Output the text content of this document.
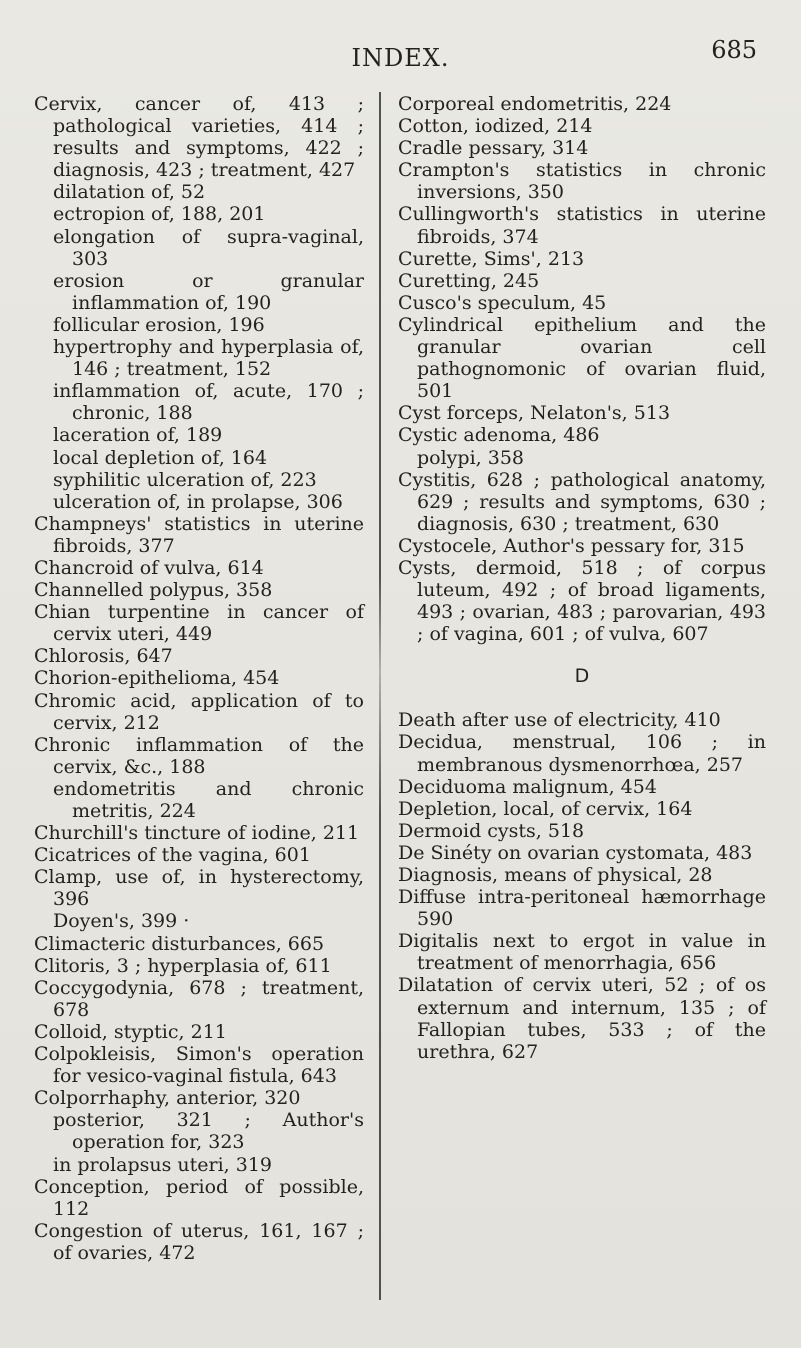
INDEX.	685
Cervix, cancer of, 413 ; pathological varieties, 414 ; results and symptoms, 422 ; diagnosis, 423 ; treatment, 427
dilatation of, 52
ectropion of, 188, 201
elongation of supra-vaginal, 303
erosion or granular inflammation of, 190
follicular erosion, 196
hypertrophy and hyperplasia of, 146 ; treatment, 152
inflammation of, acute, 170 ; chronic, 188
laceration of, 189
local depletion of, 164
syphilitic ulceration of, 223
ulceration of, in prolapse, 306
Champneys' statistics in uterine fibroids, 377
Chancroid of vulva, 614
Channelled polypus, 358
Chian turpentine in cancer of cervix uteri, 449
Chlorosis, 647
Chorion-epithelioma, 454
Chromic acid, application of to cervix, 212
Chronic inflammation of the cervix, &c., 188
endometritis and chronic metritis, 224
Churchill's tincture of iodine, 211
Cicatrices of the vagina, 601
Clamp, use of, in hysterectomy, 396
Doyen's, 399 ·
Climacteric disturbances, 665
Clitoris, 3 ; hyperplasia of, 611
Coccygodynia, 678 ; treatment, 678
Colloid, styptic, 211
Colpokleisis, Simon's operation for vesico-vaginal fistula, 643
Colporrhaphy, anterior, 320
posterior, 321 ; Author's operation for, 323
in prolapsus uteri, 319
Conception, period of possible, 112
Congestion of uterus, 161, 167 ; of ovaries, 472
Corporeal endometritis, 224
Cotton, iodized, 214
Cradle pessary, 314
Crampton's statistics in chronic inversions, 350
Cullingworth's statistics in uterine fibroids, 374
Curette, Sims', 213
Curetting, 245
Cusco's speculum, 45
Cylindrical epithelium and the granular ovarian cell pathognomonic of ovarian fluid, 501
Cyst forceps, Nelaton's, 513
Cystic adenoma, 486
polypi, 358
Cystitis, 628 ; pathological anatomy, 629 ; results and symptoms, 630 ; diagnosis, 630 ; treatment, 630
Cystocele, Author's pessary for, 315
Cysts, dermoid, 518 ; of corpus luteum, 492 ; of broad ligaments, 493 ; ovarian, 483 ; parovarian, 493 ; of vagina, 601 ; of vulva, 607
D
Death after use of electricity, 410
Decidua, menstrual, 106 ; in membranous dysmenorrhœa, 257
Deciduoma malignum, 454
Depletion, local, of cervix, 164
Dermoid cysts, 518
De Sinéty on ovarian cystomata, 483
Diagnosis, means of physical, 28
Diffuse intra-peritoneal hæmorrhage 590
Digitalis next to ergot in value in treatment of menorrhagia, 656
Dilatation of cervix uteri, 52 ; of os externum and internum, 135 ; of Fallopian tubes, 533 ; of the urethra, 627
